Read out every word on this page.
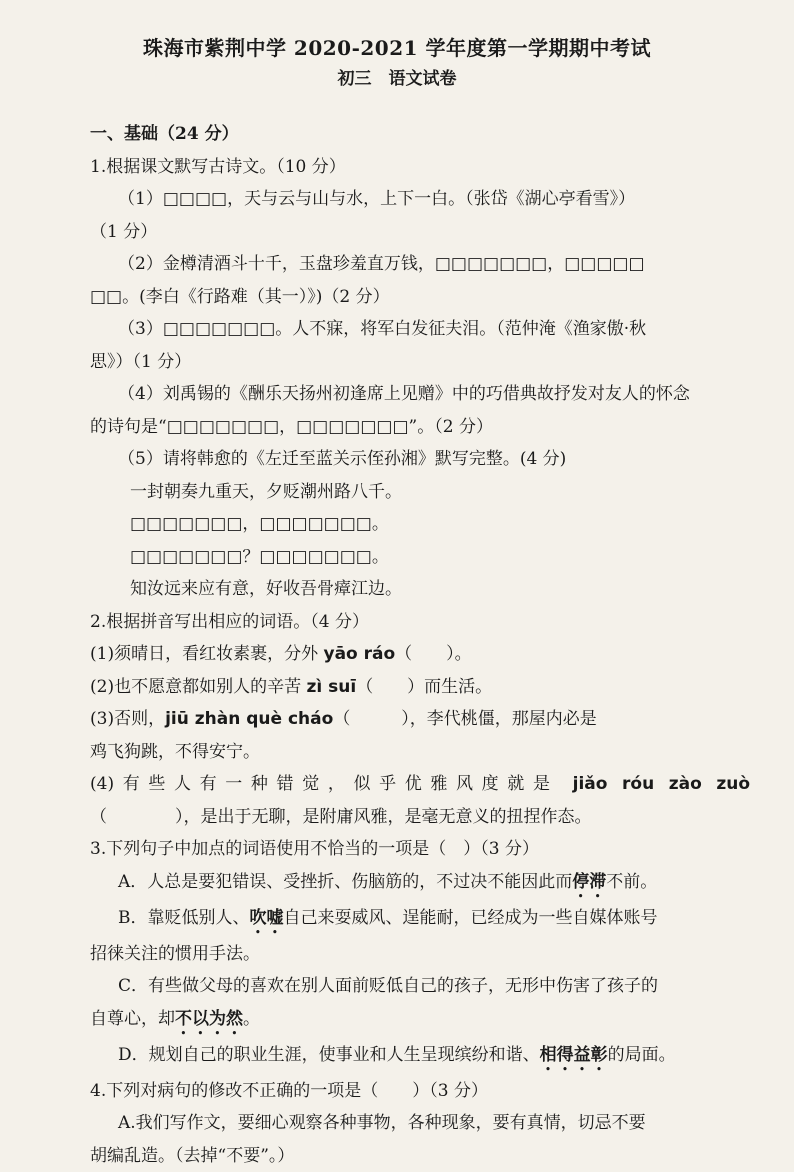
珠海市紫荆中学 2020-2021 学年度第一学期期中考试
初三　语文试卷
一、基础（24 分）
1.根据课文默写古诗文。（10 分）
（1）□□□□，天与云与山与水，上下一白。（张岱《湖心亭看雪》）
（1 分）
（2）金樽清酒斗十千，玉盘珍羞直万钱，□□□□□□□，□□□□□
□□。(李白《行路难（其一）》)（2 分）
（3）□□□□□□□。人不寐，将军白发征夫泪。（范仲淹《渔家傲·秋
思》）（1 分）
（4）刘禹锡的《酬乐天扬州初逢席上见赠》中的巧借典故抒发对友人的怀念
的诗句是“□□□□□□□，□□□□□□□”。（2 分）
（5）请将韩愈的《左迁至蓝关示侄孙湘》默写完整。(4 分)
一封朝奏九重天，夕贬潮州路八千。
□□□□□□□，□□□□□□□。
□□□□□□□？□□□□□□□。
知汝远来应有意，好收吾骨瘴江边。
2.根据拼音写出相应的词语。（4 分）
(1)须晴日，看红妆素裹，分外 yāo ráo（　　）。
(2)也不愿意都如别人的辛苦 zì suī（　　）而生活。
(3)否则，jiū zhàn què cháo（　　　），李代桃僵，那屋内必是
鸡飞狗跳，不得安宁。
(4)有些人有一种错觉，似乎优雅风度就是 jiǎo róu zào zuò
（　　　　），是出于无聊，是附庸风雅，是毫无意义的扭捏作态。
3.下列句子中加点的词语使用不恰当的一项是（　）（3 分）
A．人总是要犯错误、受挫折、伤脑筋的，不过决不能因此而停滞不前。
B．靠贬低别人、吹嘘自己来耍威风、逞能耐，已经成为一些自媒体账号
招徕关注的惯用手法。
C．有些做父母的喜欢在别人面前贬低自己的孩子，无形中伤害了孩子的
自尊心，却不以为然。
D．规划自己的职业生涯，使事业和人生呈现缤纷和谐、相得益彰的局面。
4.下列对病句的修改不正确的一项是（　　）（3 分）
A.我们写作文，要细心观察各种事物，各种现象，要有真情，切忌不要
胡编乱造。（去掉“不要”。）
